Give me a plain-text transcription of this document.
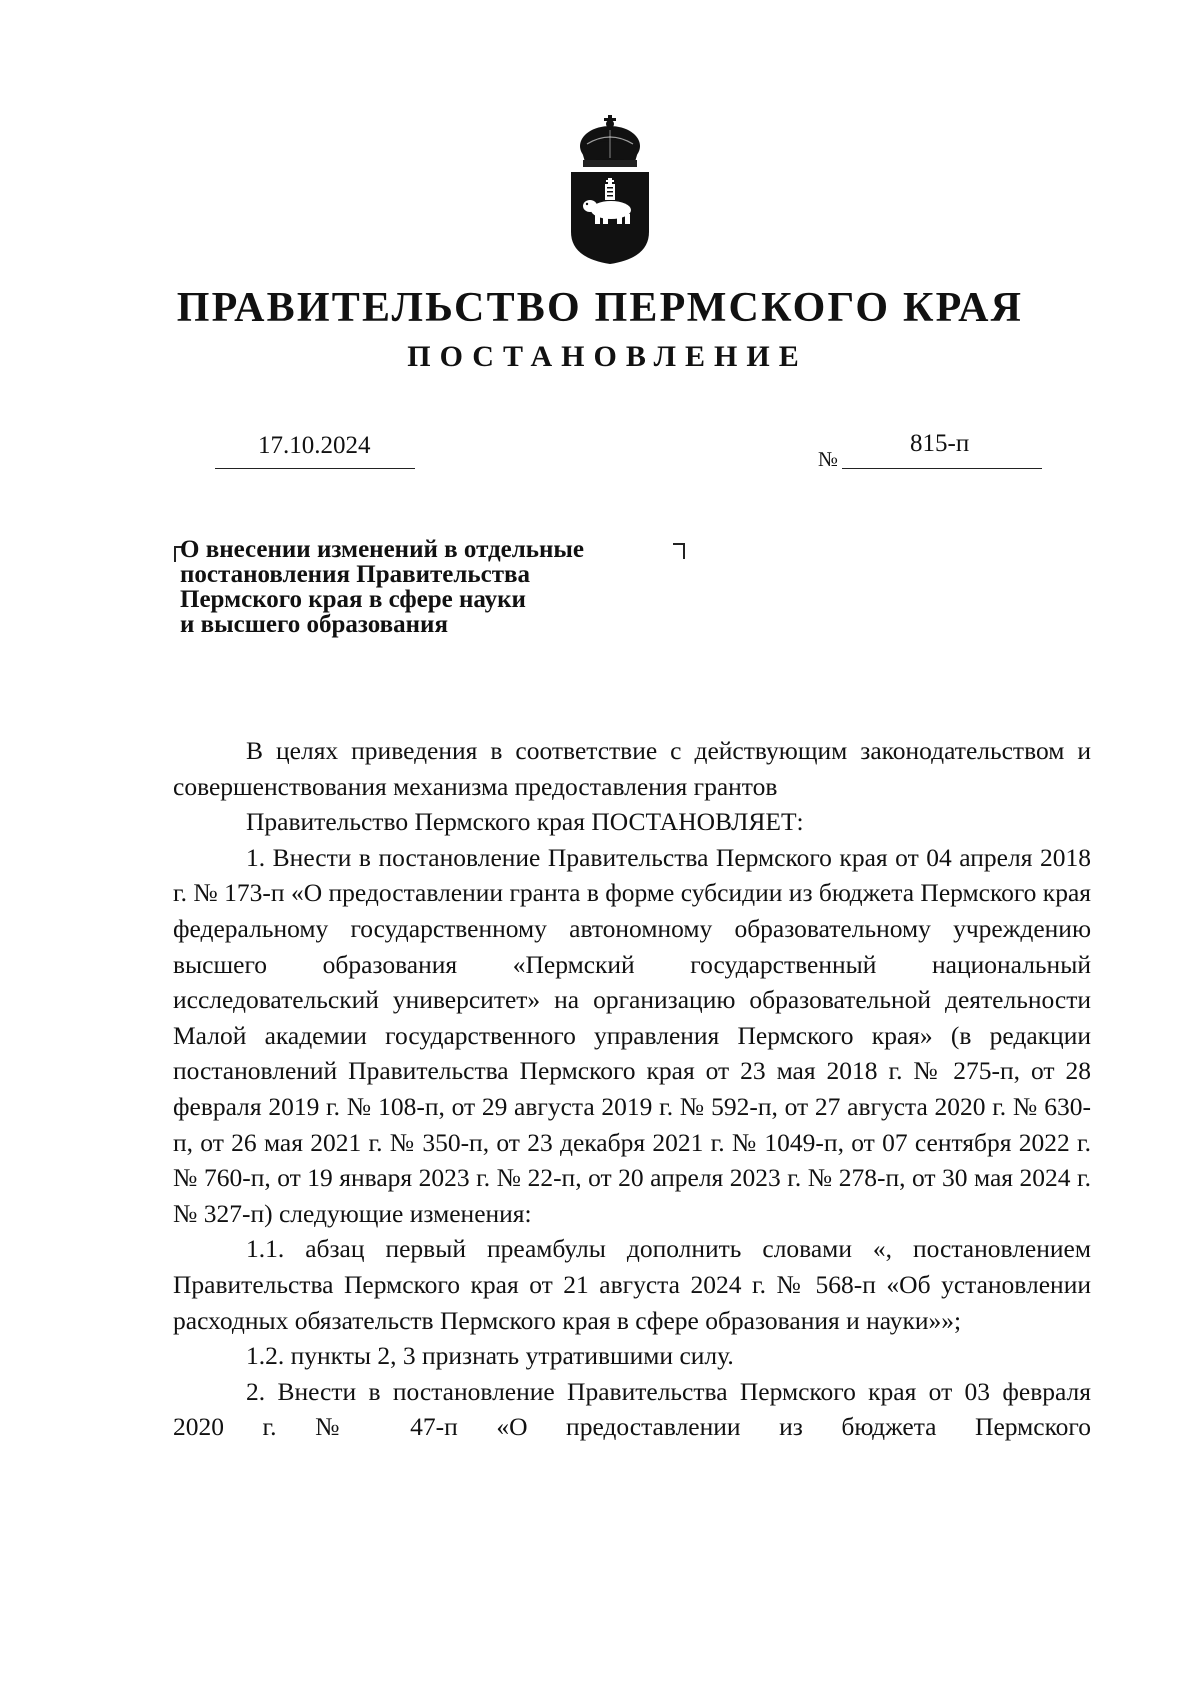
ПРАВИТЕЛЬСТВО ПЕРМСКОГО КРАЯ
ПОСТАНОВЛЕНИЕ
17.10.2024	№
815-п
О внесении изменений в отдельные
постановления Правительства
Пермского края в сфере науки
и высшего образования

В целях приведения в соответствие с действующим законодательством и совершенствования механизма предоставления грантов

Правительство Пермского края ПОСТАНОВЛЯЕТ:

1. Внести в постановление Правительства Пермского края от 04 апреля 2018 г. № 173-п «О предоставлении гранта в форме субсидии из бюджета Пермского края федеральному государственному автономному образовательному учреждению высшего образования «Пермский государственный национальный исследовательский университет» на организацию образовательной деятельности Малой академии государственного управления Пермского края» (в редакции постановлений Правительства Пермского края от 23 мая 2018 г. № 275-п, от 28 февраля 2019 г. № 108-п, от 29 августа 2019 г. № 592-п, от 27 августа 2020 г. № 630-п, от 26 мая 2021 г. № 350-п, от 23 декабря 2021 г. № 1049-п, от 07 сентября 2022 г. № 760-п, от 19 января 2023 г. № 22-п, от 20 апреля 2023 г. № 278-п, от 30 мая 2024 г. № 327-п) следующие изменения:

1.1. абзац первый преамбулы дополнить словами «, постановлением Правительства Пермского края от 21 августа 2024 г. № 568-п «Об установлении расходных обязательств Пермского края в сфере образования и науки»»;

1.2. пункты 2, 3 признать утратившими силу.

2. Внести в постановление Правительства Пермского края от 03 февраля 2020 г. № 47-п «О предоставлении из бюджета Пермского
